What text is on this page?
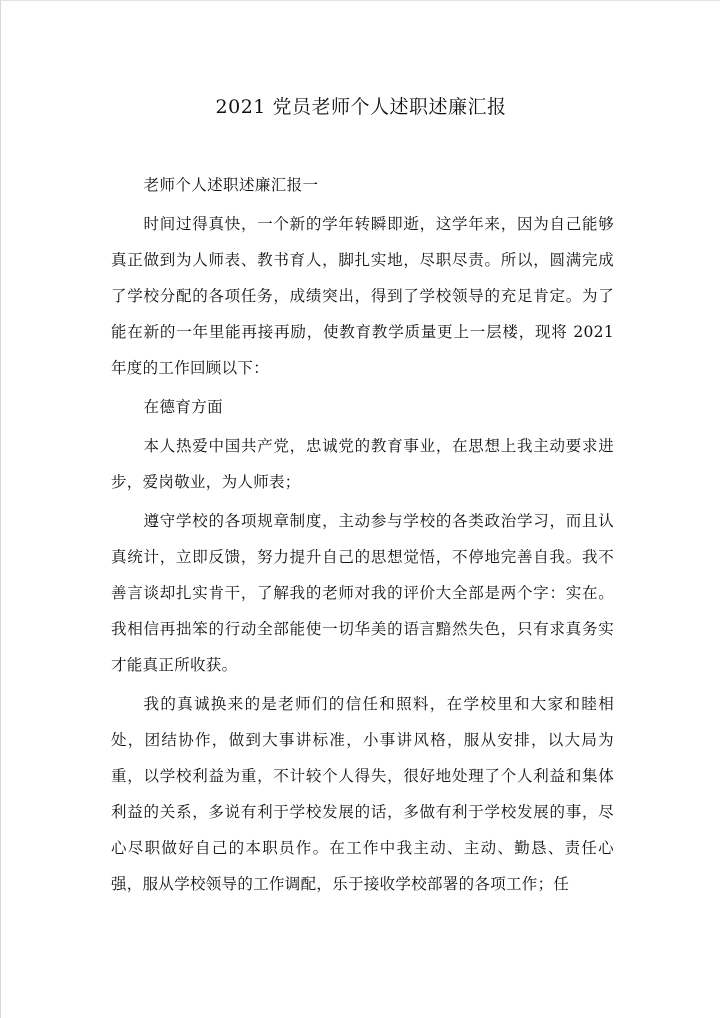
2021 党员老师个人述职述廉汇报

老师个人述职述廉汇报一

时间过得真快，一个新的学年转瞬即逝，这学年来，因为自己能够真正做到为人师表、教书育人，脚扎实地，尽职尽责。所以，圆满完成了学校分配的各项任务，成绩突出，得到了学校领导的充足肯定。为了能在新的一年里能再接再励，使教育教学质量更上一层楼，现将 2021 年度的工作回顾以下：

在德育方面

本人热爱中国共产党，忠诚党的教育事业，在思想上我主动要求进步，爱岗敬业，为人师表；

遵守学校的各项规章制度，主动参与学校的各类政治学习，而且认真统计，立即反馈，努力提升自己的思想觉悟，不停地完善自我。我不善言谈却扎实肯干，了解我的老师对我的评价大全部是两个字：实在。我相信再拙笨的行动全部能使一切华美的语言黯然失色，只有求真务实才能真正所收获。

我的真诚换来的是老师们的信任和照料，在学校里和大家和睦相处，团结协作，做到大事讲标准，小事讲风格，服从安排，以大局为重，以学校利益为重，不计较个人得失，很好地处理了个人利益和集体利益的关系，多说有利于学校发展的话，多做有利于学校发展的事，尽心尽职做好自己的本职员作。在工作中我主动、主动、勤恳、责任心强，服从学校领导的工作调配，乐于接收学校部署的各项工作；任
